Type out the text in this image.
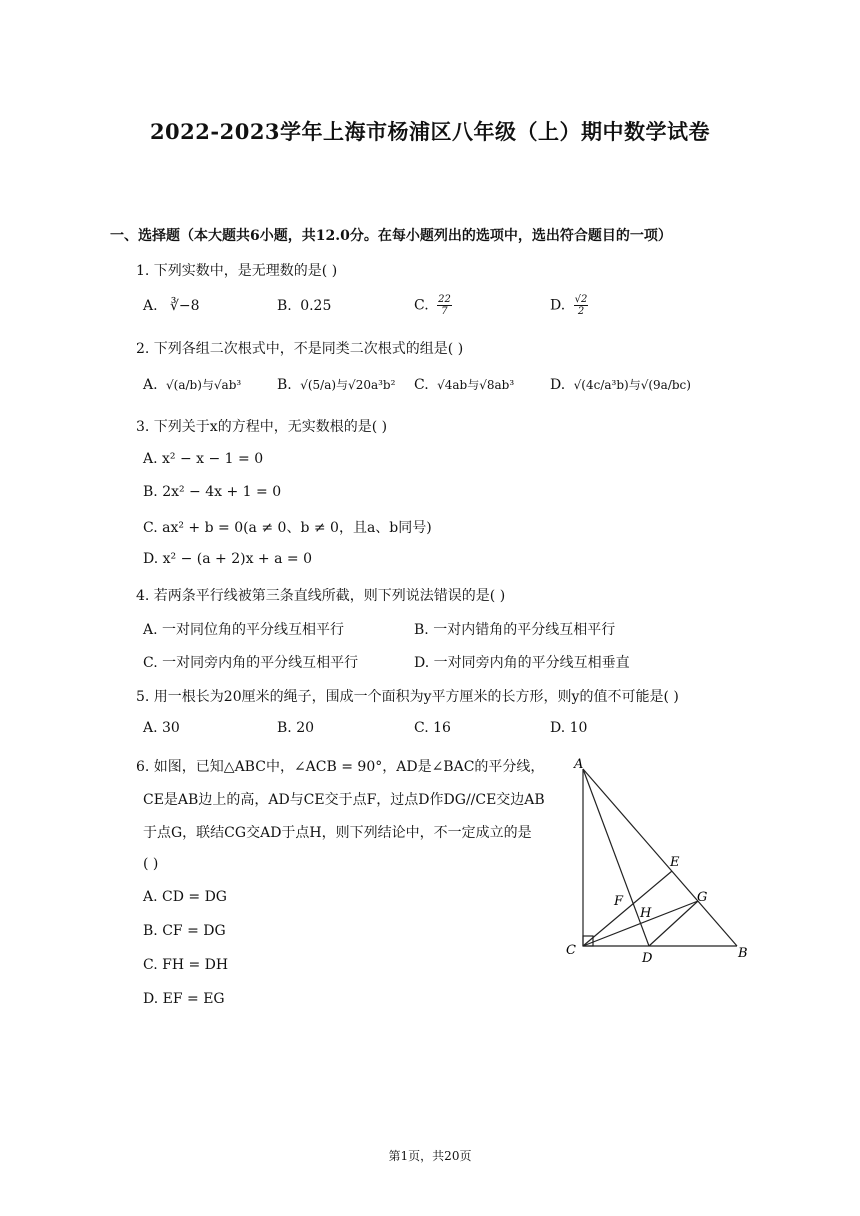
2022-2023学年上海市杨浦区八年级（上）期中数学试卷
一、选择题（本大题共6小题，共12.0分。在每小题列出的选项中，选出符合题目的一项）
1. 下列实数中，是无理数的是( )
A. ∛−8	B. 0.2̇5̇	C. $\frac{22}{7}$	D. $\frac{√2}{2}$
2. 下列各组二次根式中，不是同类二次根式的组是( )
A. √(a/b)与√ab³	B. √(5/a)与√20a³b² C. √4ab与√8ab³	D. √(4c/a³b)与√(9a/bc)
3. 下列关于x的方程中，无实数根的是( )
A. x² − x − 1 = 0
B. 2x² − 4x + 1 = 0
C. ax² + b = 0(a ≠ 0、b ≠ 0，且a、b同号)
D. x² − (a + 2)x + a = 0
4. 若两条平行线被第三条直线所截，则下列说法错误的是( )
A. 一对同位角的平分线互相平行	B. 一对内错角的平分线互相平行
C. 一对同旁内角的平分线互相平行	D. 一对同旁内角的平分线互相垂直
5. 用一根长为20厘米的绳子，围成一个面积为y平方厘米的长方形，则y的值不可能是( )
A. 30	B. 20	C. 16	D. 10
6. 如图，已知△ABC中，∠ACB = 90°，AD是∠BAC的平分线，
CE是AB边上的高，AD与CE交于点F，过点D作DG//CE交边AB
于点G，联结CG交AD于点H，则下列结论中，不一定成立的是
( )
A. CD = DG
B. CF = DG
C. FH = DH
D. EF = EG
A
B
C
D
E
F	G
H
第1页，共20页
